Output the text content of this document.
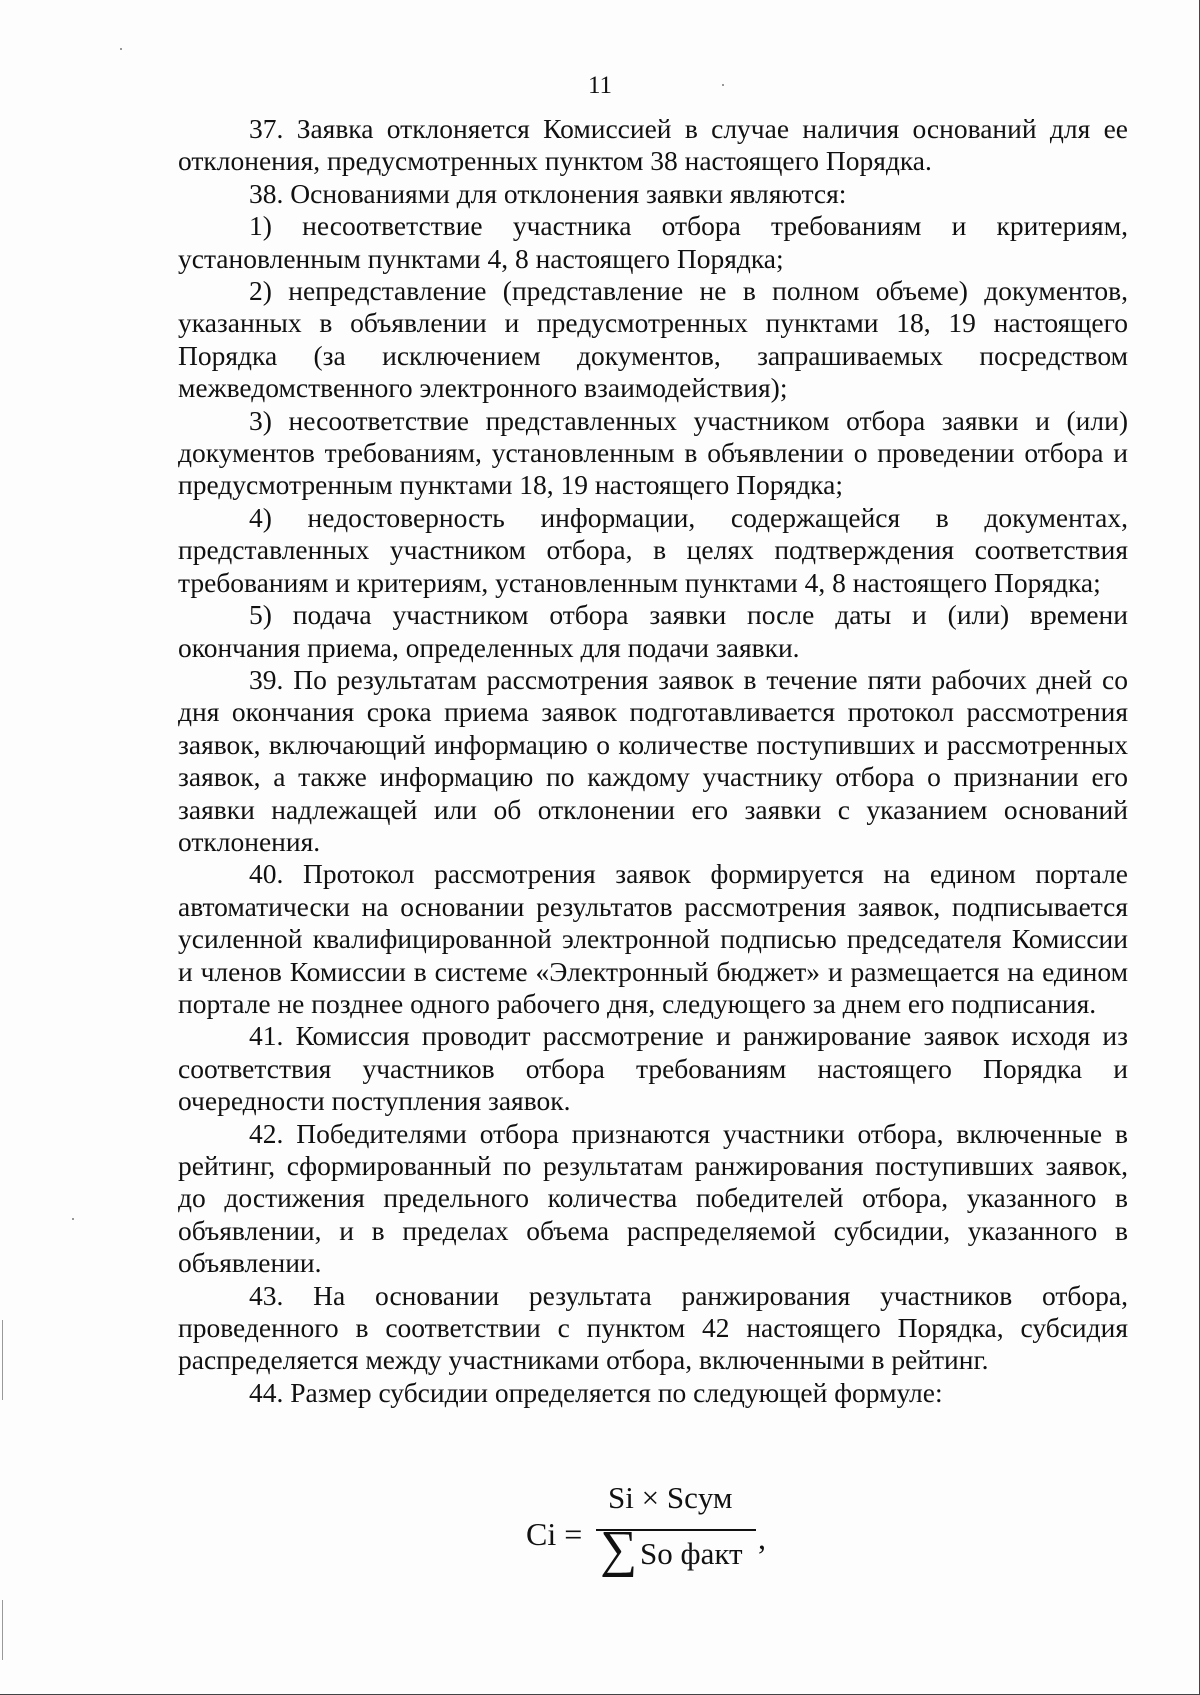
11

37. Заявка отклоняется Комиссией в случае наличия оснований для ее отклонения, предусмотренных пунктом 38 настоящего Порядка.

38. Основаниями для отклонения заявки являются:

1) несоответствие участника отбора требованиям и критериям, установленным пунктами 4, 8 настоящего Порядка;

2) непредставление (представление не в полном объеме) документов, указанных в объявлении и предусмотренных пунктами 18, 19 настоящего Порядка (за исключением документов, запрашиваемых посредством межведомственного электронного взаимодействия);

3) несоответствие представленных участником отбора заявки и (или) документов требованиям, установленным в объявлении о проведении отбора и предусмотренным пунктами 18, 19 настоящего Порядка;

4) недостоверность информации, содержащейся в документах, представленных участником отбора, в целях подтверждения соответствия требованиям и критериям, установленным пунктами 4, 8 настоящего Порядка;

5) подача участником отбора заявки после даты и (или) времени окончания приема, определенных для подачи заявки.

39. По результатам рассмотрения заявок в течение пяти рабочих дней со дня окончания срока приема заявок подготавливается протокол рассмотрения заявок, включающий информацию о количестве поступивших и рассмотренных заявок, а также информацию по каждому участнику отбора о признании его заявки надлежащей или об отклонении его заявки с указанием оснований отклонения.

40. Протокол рассмотрения заявок формируется на едином портале автоматически на основании результатов рассмотрения заявок, подписывается усиленной квалифицированной электронной подписью председателя Комиссии и членов Комиссии в системе «Электронный бюджет» и размещается на едином портале не позднее одного рабочего дня, следующего за днем его подписания.

41. Комиссия проводит рассмотрение и ранжирование заявок исходя из соответствия участников отбора требованиям настоящего Порядка и очередности поступления заявок.

42. Победителями отбора признаются участники отбора, включенные в рейтинг, сформированный по результатам ранжирования поступивших заявок, до достижения предельного количества победителей отбора, указанного в объявлении, и в пределах объема распределяемой субсидии, указанного в объявлении.

43. На основании результата ранжирования участников отбора, проведенного в соответствии с пунктом 42 настоящего Порядка, субсидия распределяется между участниками отбора, включенными в рейтинг.

44. Размер субсидии определяется по следующей формуле:

Ci =
Si × Scум
∑ So факт ,
